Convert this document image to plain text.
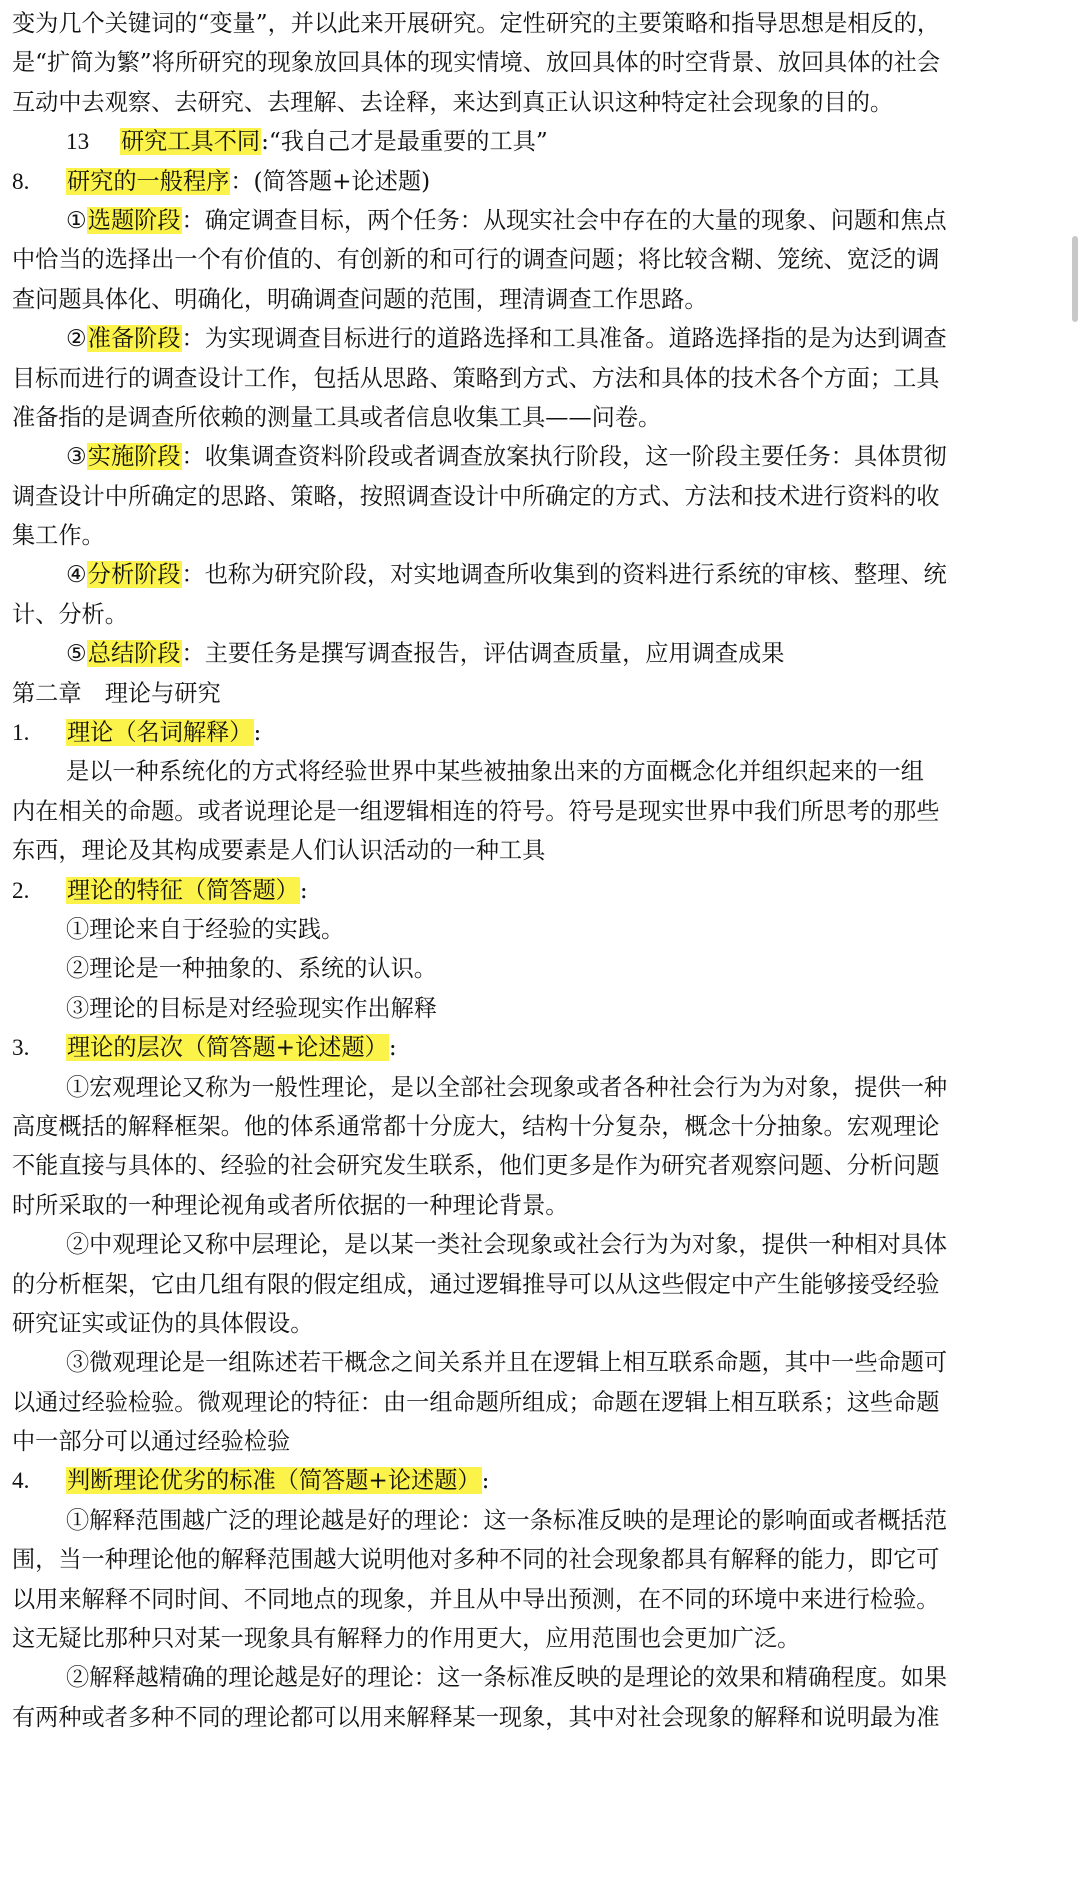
变为几个关键词的“变量”，并以此来开展研究。定性研究的主要策略和指导思想是相反的，
是“扩简为繁”将所研究的现象放回具体的现实情境、放回具体的时空背景、放回具体的社会
互动中去观察、去研究、去理解、去诠释，来达到真正认识这种特定社会现象的目的。
13研究工具不同:“我自己才是最重要的工具”
8. 研究的一般程序：(简答题+论述题)
①选题阶段：确定调查目标，两个任务：从现实社会中存在的大量的现象、问题和焦点
中恰当的选择出一个有价值的、有创新的和可行的调查问题；将比较含糊、笼统、宽泛的调
查问题具体化、明确化，明确调查问题的范围，理清调查工作思路。
②准备阶段：为实现调查目标进行的道路选择和工具准备。道路选择指的是为达到调查
目标而进行的调查设计工作，包括从思路、策略到方式、方法和具体的技术各个方面；工具
准备指的是调查所依赖的测量工具或者信息收集工具——问卷。
③实施阶段：收集调查资料阶段或者调查放案执行阶段，这一阶段主要任务：具体贯彻
调查设计中所确定的思路、策略，按照调查设计中所确定的方式、方法和技术进行资料的收
集工作。
④分析阶段：也称为研究阶段，对实地调查所收集到的资料进行系统的审核、整理、统
计、分析。
⑤总结阶段：主要任务是撰写调查报告，评估调查质量，应用调查成果
第二章　理论与研究
1. 理论（名词解释）:
是以一种系统化的方式将经验世界中某些被抽象出来的方面概念化并组织起来的一组
内在相关的命题。或者说理论是一组逻辑相连的符号。符号是现实世界中我们所思考的那些
东西，理论及其构成要素是人们认识活动的一种工具
2. 理论的特征（简答题）:
①理论来自于经验的实践。
②理论是一种抽象的、系统的认识。
③理论的目标是对经验现实作出解释
3. 理论的层次（简答题+论述题）:
①宏观理论又称为一般性理论，是以全部社会现象或者各种社会行为为对象，提供一种
高度概括的解释框架。他的体系通常都十分庞大，结构十分复杂，概念十分抽象。宏观理论
不能直接与具体的、经验的社会研究发生联系，他们更多是作为研究者观察问题、分析问题
时所采取的一种理论视角或者所依据的一种理论背景。
②中观理论又称中层理论，是以某一类社会现象或社会行为为对象，提供一种相对具体
的分析框架，它由几组有限的假定组成，通过逻辑推导可以从这些假定中产生能够接受经验
研究证实或证伪的具体假设。
③微观理论是一组陈述若干概念之间关系并且在逻辑上相互联系命题，其中一些命题可
以通过经验检验。微观理论的特征：由一组命题所组成；命题在逻辑上相互联系；这些命题
中一部分可以通过经验检验
4. 判断理论优劣的标准（简答题+论述题）:
①解释范围越广泛的理论越是好的理论：这一条标准反映的是理论的影响面或者概括范
围，当一种理论他的解释范围越大说明他对多种不同的社会现象都具有解释的能力，即它可
以用来解释不同时间、不同地点的现象，并且从中导出预测，在不同的环境中来进行检验。
这无疑比那种只对某一现象具有解释力的作用更大，应用范围也会更加广泛。
②解释越精确的理论越是好的理论：这一条标准反映的是理论的效果和精确程度。如果
有两种或者多种不同的理论都可以用来解释某一现象，其中对社会现象的解释和说明最为准
